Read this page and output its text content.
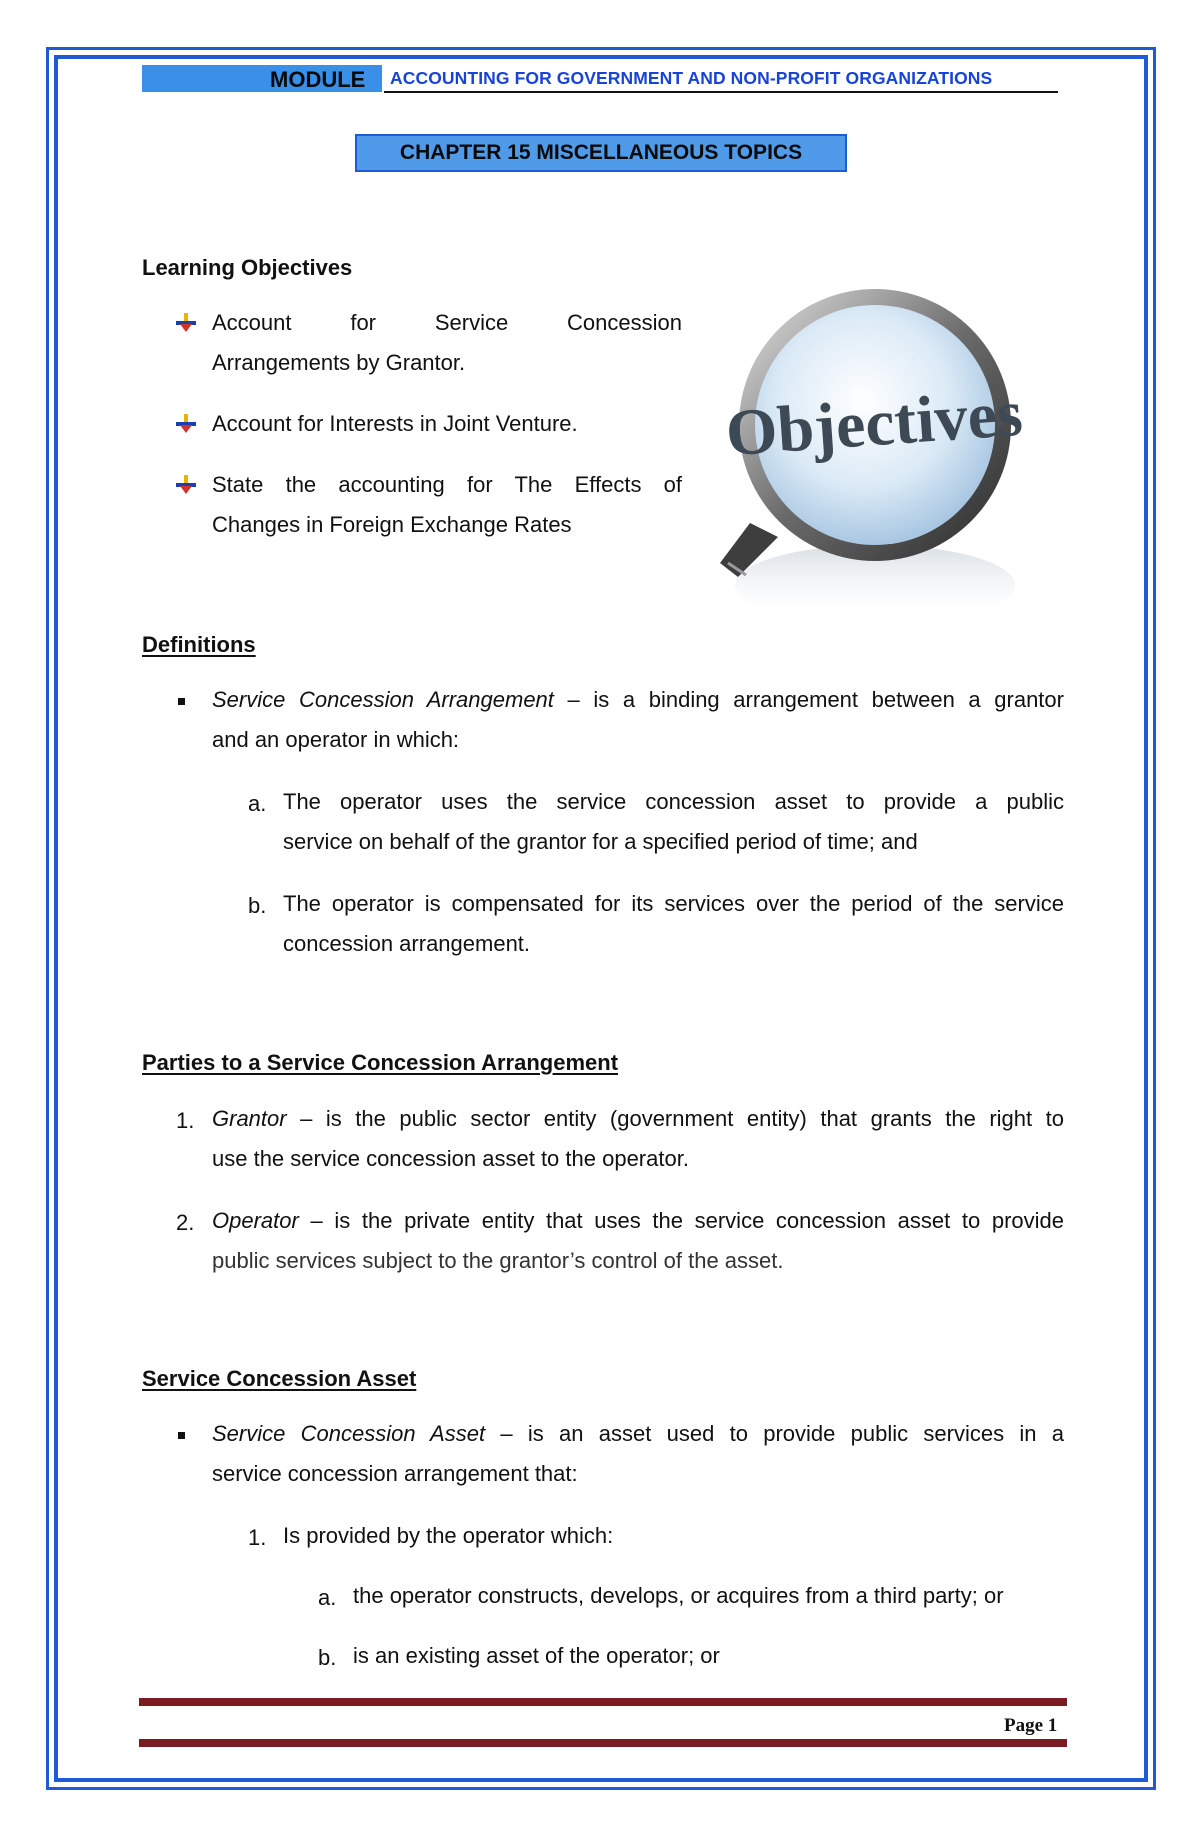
MODULE ACCOUNTING FOR GOVERNMENT AND NON-PROFIT ORGANIZATIONS
CHAPTER 15 MISCELLANEOUS TOPICS
Learning Objectives
Account for Service Concession
Arrangements by Grantor.
Account for Interests in Joint Venture.
State the accounting for The Effects of
Changes in Foreign Exchange Rates
Objectives
Definitions
Service Concession Arrangement – is a binding arrangement between a grantor
and an operator in which:
a. The operator uses the service concession asset to provide a public
service on behalf of the grantor for a specified period of time; and
b. The operator is compensated for its services over the period of the service
concession arrangement.
Parties to a Service Concession Arrangement
1. Grantor – is the public sector entity (government entity) that grants the right to
use the service concession asset to the operator.
2. Operator – is the private entity that uses the service concession asset to provide
public services subject to the grantor’s control of the asset.
Service Concession Asset
Service Concession Asset – is an asset used to provide public services in a
service concession arrangement that:
1. Is provided by the operator which:
a. the operator constructs, develops, or acquires from a third party; or
b. is an existing asset of the operator; or
Page 1
